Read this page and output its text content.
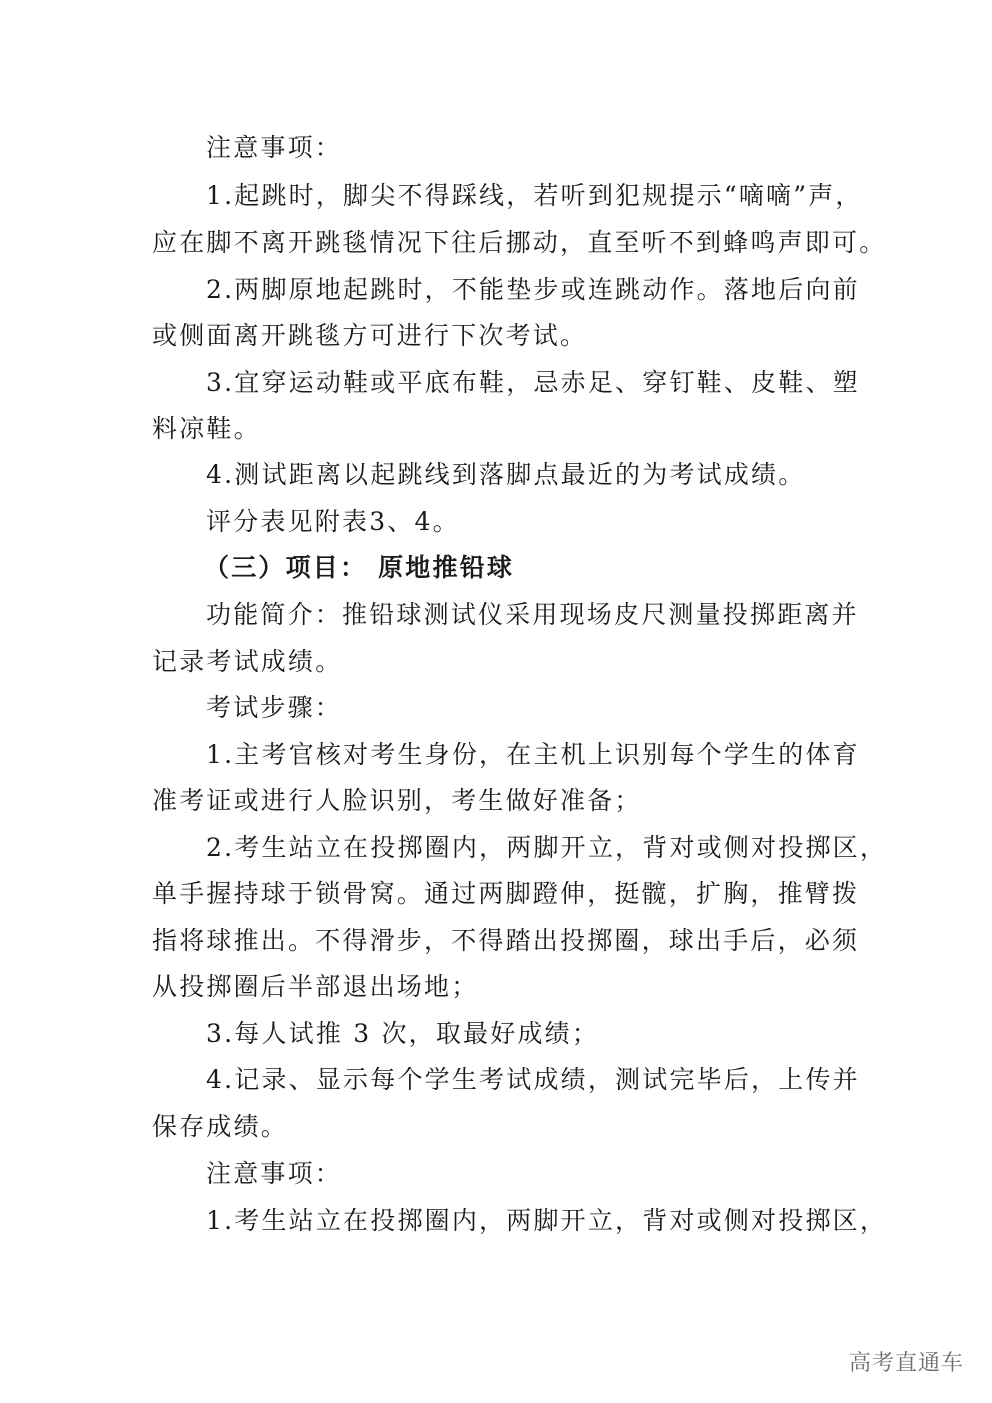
注意事项：
1.起跳时，脚尖不得踩线，若听到犯规提示“嘀嘀”声，
应在脚不离开跳毯情况下往后挪动，直至听不到蜂鸣声即可。
2.两脚原地起跳时，不能垫步或连跳动作。落地后向前
或侧面离开跳毯方可进行下次考试。
3.宜穿运动鞋或平底布鞋，忌赤足、穿钉鞋、皮鞋、塑
料凉鞋。
4.测试距离以起跳线到落脚点最近的为考试成绩。
评分表见附表3、4。
（三）项目： 原地推铅球
功能简介：推铅球测试仪采用现场皮尺测量投掷距离并
记录考试成绩。
考试步骤：
1.主考官核对考生身份，在主机上识别每个学生的体育
准考证或进行人脸识别，考生做好准备；
2.考生站立在投掷圈内，两脚开立，背对或侧对投掷区，
单手握持球于锁骨窝。通过两脚蹬伸，挺髋，扩胸，推臂拨
指将球推出。不得滑步，不得踏出投掷圈，球出手后，必须
从投掷圈后半部退出场地；
3.每人试推 3 次，取最好成绩；
4.记录、显示每个学生考试成绩，测试完毕后，上传并
保存成绩。
注意事项：
1.考生站立在投掷圈内，两脚开立，背对或侧对投掷区，
高考直通车
